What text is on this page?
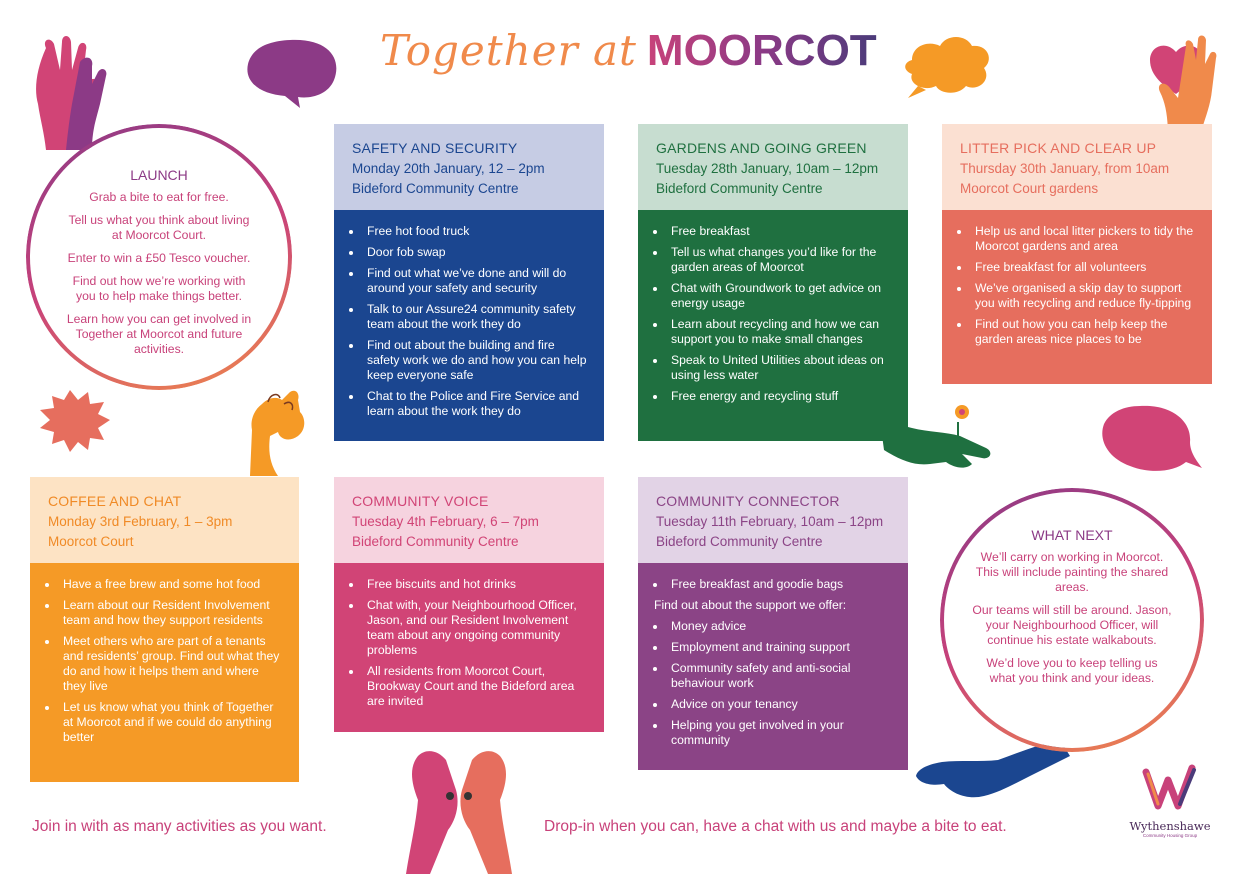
Together at MOORCOT
LAUNCH

Grab a bite to eat for free.

Tell us what you think about living at Moorcot Court.

Enter to win a £50 Tesco voucher.

Find out how we’re working with you to help make things better.

Learn how you can get involved in Together at Moorcot and future activities.

SAFETY AND SECURITY
Monday 20th January, 12 – 2pm
Bideford Community Centre
• Free hot food truck
• Door fob swap
• Find out what we’ve done and will do around your safety and security
• Talk to our Assure24 community safety team about the work they do
• Find out about the building and fire safety work we do and how you can help keep everyone safe
• Chat to the Police and Fire Service and learn about the work they do
GARDENS AND GOING GREEN
Tuesday 28th January, 10am – 12pm
Bideford Community Centre
• Free breakfast
• Tell us what changes you’d like for the garden areas of Moorcot
• Chat with Groundwork to get advice on energy usage
• Learn about recycling and how we can support you to make small changes
• Speak to United Utilities about ideas on using less water
• Free energy and recycling stuff
LITTER PICK AND CLEAR UP
Thursday 30th January, from 10am
Moorcot Court gardens
• Help us and local litter pickers to tidy the Moorcot gardens and area
• Free breakfast for all volunteers
• We’ve organised a skip day to support you with recycling and reduce fly-tipping
• Find out how you can help keep the garden areas nice places to be
COFFEE AND CHAT
Monday 3rd February, 1 – 3pm
Moorcot Court
• Have a free brew and some hot food
• Learn about our Resident Involvement team and how they support residents
• Meet others who are part of a tenants and residents’ group. Find out what they do and how it helps them and where they live
• Let us know what you think of Together at Moorcot and if we could do anything better
COMMUNITY VOICE
Tuesday 4th February, 6 – 7pm
Bideford Community Centre
• Free biscuits and hot drinks
• Chat with, your Neighbourhood Officer, Jason, and our Resident Involvement team about any ongoing community problems
• All residents from Moorcot Court, Brookway Court and the Bideford area are invited
COMMUNITY CONNECTOR
Tuesday 11th February, 10am – 12pm
Bideford Community Centre
• Free breakfast and goodie bags

Find out about the support we offer:

• Money advice
• Employment and training support
• Community safety and anti-social behaviour work
• Advice on your tenancy
• Helping you get involved in your community
WHAT NEXT

We’ll carry on working in Moorcot. This will include painting the shared areas.

Our teams will still be around. Jason, your Neighbourhood Officer, will continue his estate walkabouts.

We’d love you to keep telling us what you think and your ideas.

Join in with as many activities as you want.	Drop-in when you can, have a chat with us and maybe a bite to eat.	Wythenshawe
Community Housing Group
